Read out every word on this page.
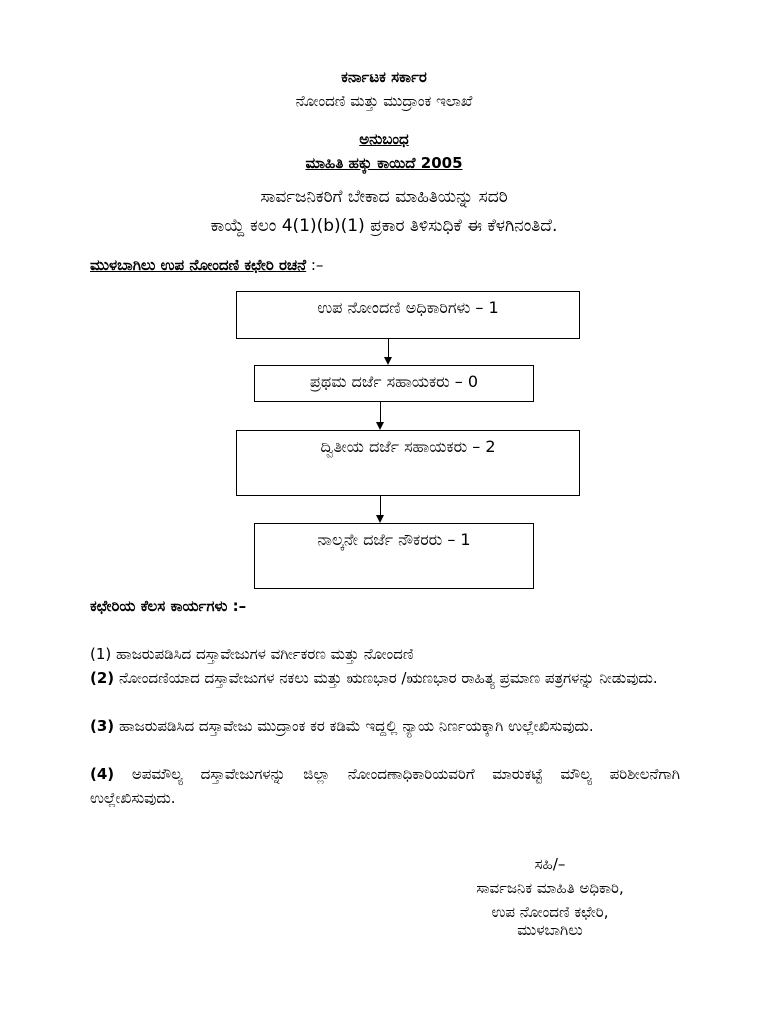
ಕರ್ನಾಟಕ ಸರ್ಕಾರ
ನೋಂದಣಿ ಮತ್ತು ಮುದ್ರಾಂಕ ಇಲಾಖೆ
ಅನುಬಂಧ
ಮಾಹಿತಿ ಹಕ್ಕು ಕಾಯಿದೆ 2005
ಸಾರ್ವಜನಿಕರಿಗೆ ಬೇಕಾದ ಮಾಹಿತಿಯನ್ನು ಸದರಿ
ಕಾಯ್ದೆ ಕಲಂ 4(1)(b)(1) ಪ್ರಕಾರ ತಿಳಿಸುಧಿಕೆ ಈ ಕೆಳಗಿನಂತಿದೆ.
ಮುಳಬಾಗಿಲು ಉಪ ನೋಂದಣಿ ಕಛೇರಿ ರಚನೆ :–
ಉಪ ನೋಂದಣಿ ಅಧಿಕಾರಿಗಳು – 1
ಪ್ರಥಮ ದರ್ಜೆ ಸಹಾಯಕರು – 0
ದ್ವಿತೀಯ ದರ್ಜೆ ಸಹಾಯಕರು – 2
ನಾಲ್ಕನೇ ದರ್ಜೆ ನೌಕರರು – 1
ಕಛೇರಿಯ ಕೆಲಸ ಕಾರ್ಯಗಳು :–
(1) ಹಾಜರುಪಡಿಸಿದ ದಸ್ತಾವೇಜುಗಳ ವರ್ಗೀಕರಣ ಮತ್ತು ನೋಂದಣಿ
(2) ನೋಂದಣಿಯಾದ ದಸ್ತಾವೇಜುಗಳ ನಕಲು ಮತ್ತು ಋಣಭಾರ /ಋಣಭಾರ ರಾಹಿತ್ಯ ಪ್ರಮಾಣ ಪತ್ರಗಳನ್ನು ನೀಡುವುದು.
(3) ಹಾಜರುಪಡಿಸಿದ ದಸ್ತಾವೇಜು ಮುದ್ರಾಂಕ ಕರ ಕಡಿಮೆ ಇದ್ದಲ್ಲಿ ನ್ಯಾಯ ನಿರ್ಣಯಕ್ಕಾಗಿ ಉಲ್ಲೇಖಿಸುವುದು.
(4) ಅಪಮೌಲ್ಯ ದಸ್ತಾವೇಜುಗಳನ್ನು ಜಿಲ್ಲಾ ನೋಂದಣಾಧಿಕಾರಿಯವರಿಗೆ ಮಾರುಕಟ್ಟೆ ಮೌಲ್ಯ ಪರಿಶೀಲನೆಗಾಗಿ ಉಲ್ಲೇಖಿಸುವುದು.
ಸಹಿ/–
ಸಾರ್ವಜನಿಕ ಮಾಹಿತಿ ಅಧಿಕಾರಿ,
ಉಪ ನೋಂದಣಿ ಕಛೇರಿ,
ಮುಳಬಾಗಿಲು
